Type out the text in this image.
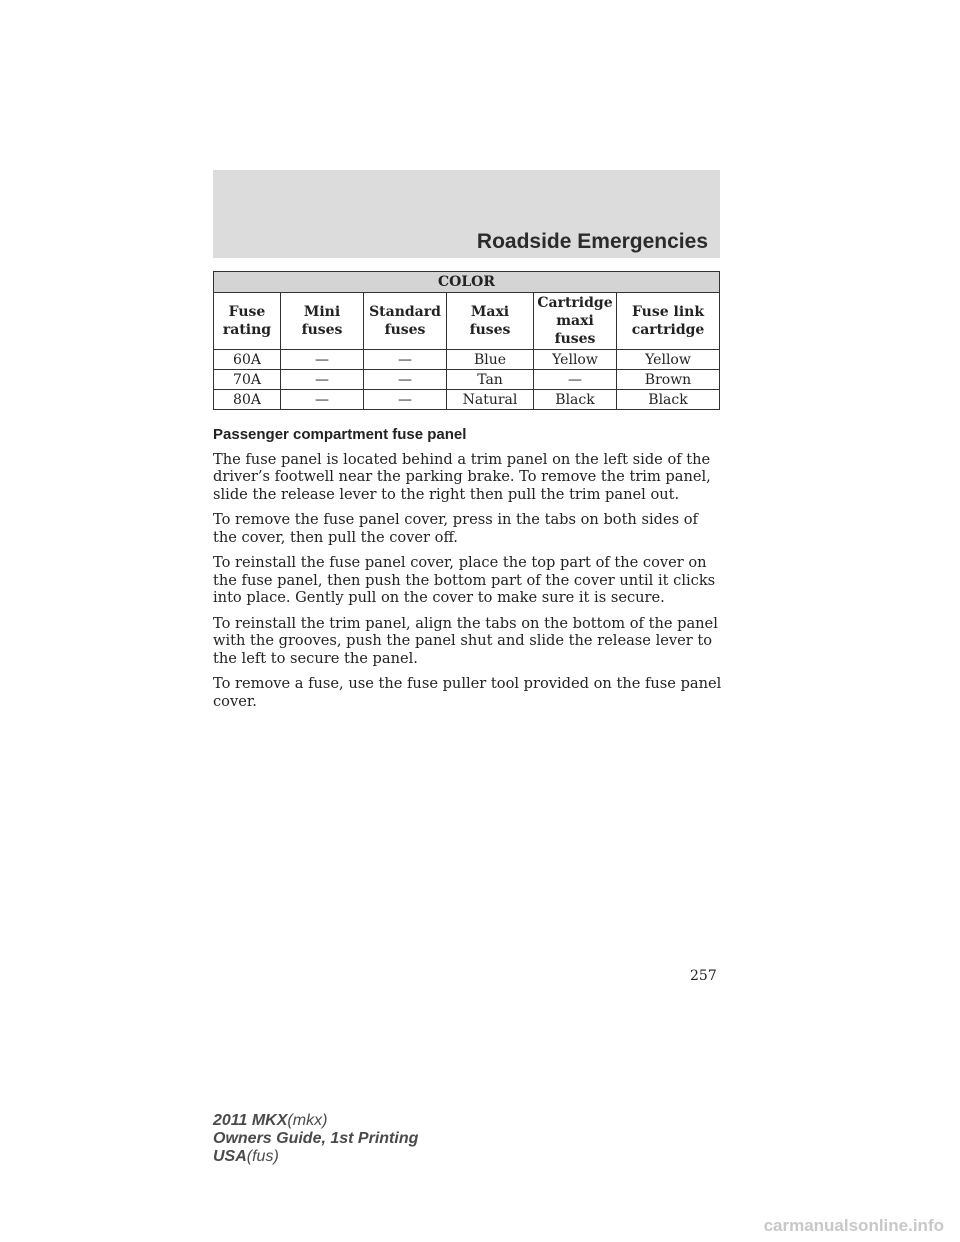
Roadside Emergencies
COLOR					
Fuse rating	Mini fuses	Standard fuses	Maxi fuses	Cartridge maxi fuses	Fuse link cartridge
60A	—	—	Blue	Yellow	Yellow
70A	—	—	Tan	—	Brown
80A	—	—	Natural	Black	Black
Passenger compartment fuse panel

The fuse panel is located behind a trim panel on the left side of the driver’s footwell near the parking brake. To remove the trim panel, slide the release lever to the right then pull the trim panel out.

To remove the fuse panel cover, press in the tabs on both sides of the cover, then pull the cover off.

To reinstall the fuse panel cover, place the top part of the cover on the fuse panel, then push the bottom part of the cover until it clicks into place. Gently pull on the cover to make sure it is secure.

To reinstall the trim panel, align the tabs on the bottom of the panel with the grooves, push the panel shut and slide the release lever to the left to secure the panel.

To remove a fuse, use the fuse puller tool provided on the fuse panel cover.

257
2011 MKX(mkx)
Owners Guide, 1st Printing
USA(fus)
carmanualsonline.info
